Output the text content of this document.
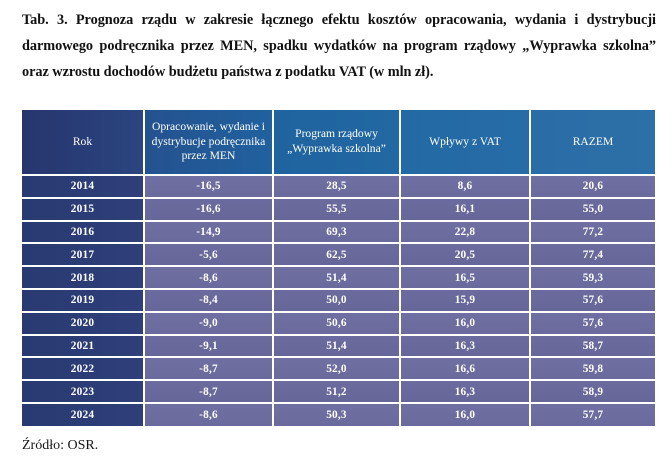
Tab. 3. Prognoza rządu w zakresie łącznego efektu kosztów opracowania, wydania i dystrybucji darmowego podręcznika przez MEN, spadku wydatków na program rządowy „Wyprawka szkolna” oraz wzrostu dochodów budżetu państwa z podatku VAT (w mln zł).
Rok	Opracowanie, wydanie i dystrybucje podręcznika przez MEN	Program rządowy „Wyprawka szkolna”	Wpływy z VAT	RAZEM
2014	-16,5	28,5	8,6	20,6
2015	-16,6	55,5	16,1	55,0
2016	-14,9	69,3	22,8	77,2
2017	-5,6	62,5	20,5	77,4
2018	-8,6	51,4	16,5	59,3
2019	-8,4	50,0	15,9	57,6
2020	-9,0	50,6	16,0	57,6
2021	-9,1	51,4	16,3	58,7
2022	-8,7	52,0	16,6	59,8
2023	-8,7	51,2	16,3	58,9
2024	-8,6	50,3	16,0	57,7
Źródło: OSR.
